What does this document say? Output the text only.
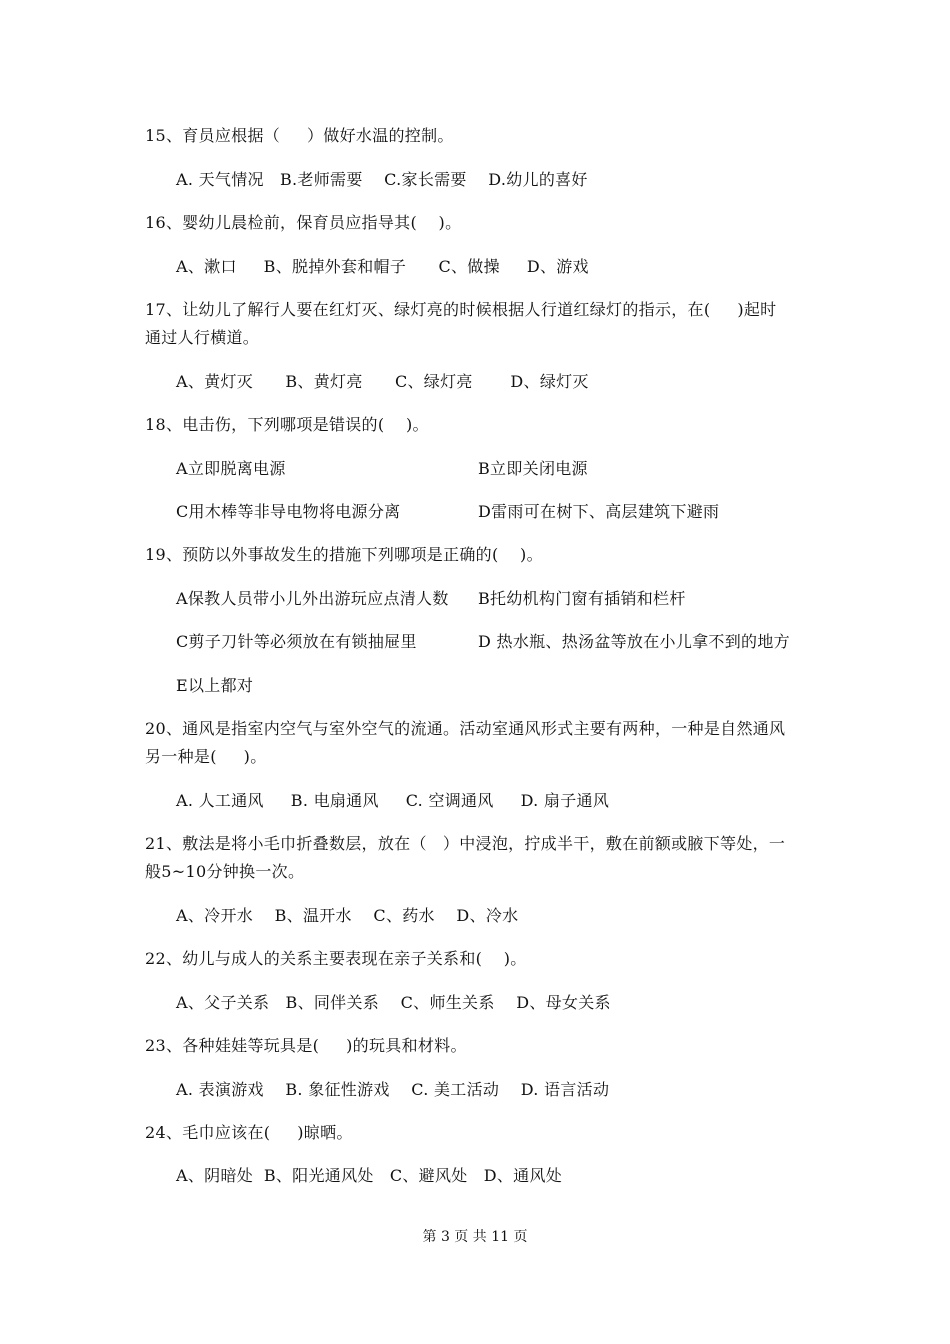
15、育员应根据（     ）做好水温的控制。
A. 天气情况   B.老师需要    C.家长需要    D.幼儿的喜好
16、婴幼儿晨检前，保育员应指导其(    )。
A、漱口     B、脱掉外套和帽子      C、做操     D、游戏
17、让幼儿了解行人要在红灯灭、绿灯亮的时候根据人行道红绿灯的指示，在(     )起时
通过人行横道。
A、黄灯灭      B、黄灯亮      C、绿灯亮       D、绿灯灭
18、电击伤，下列哪项是错误的(    )。
A立即脱离电源	B立即关闭电源
C用木棒等非导电物将电源分离	D雷雨可在树下、高层建筑下避雨
19、预防以外事故发生的措施下列哪项是正确的(    )。
A保教人员带小儿外出游玩应点清人数 B托幼机构门窗有插销和栏杆
C剪子刀针等必须放在有锁抽屉里	D 热水瓶、热汤盆等放在小儿拿不到的地方
E以上都对
20、通风是指室内空气与室外空气的流通。活动室通风形式主要有两种，一种是自然通风
另一种是(     )。
A. 人工通风     B. 电扇通风     C. 空调通风     D. 扇子通风
21、敷法是将小毛巾折叠数层，放在（   ）中浸泡，拧成半干，敷在前额或腋下等处，一
般5~10分钟换一次。
A、冷开水    B、温开水    C、药水    D、冷水
22、幼儿与成人的关系主要表现在亲子关系和(    )。
A、父子关系   B、同伴关系    C、师生关系    D、母女关系
23、各种娃娃等玩具是(     )的玩具和材料。
A. 表演游戏    B. 象征性游戏    C. 美工活动    D. 语言活动
24、毛巾应该在(     )晾晒。
A、阴暗处  B、阳光通风处   C、避风处   D、通风处
第 3 页 共 11 页
